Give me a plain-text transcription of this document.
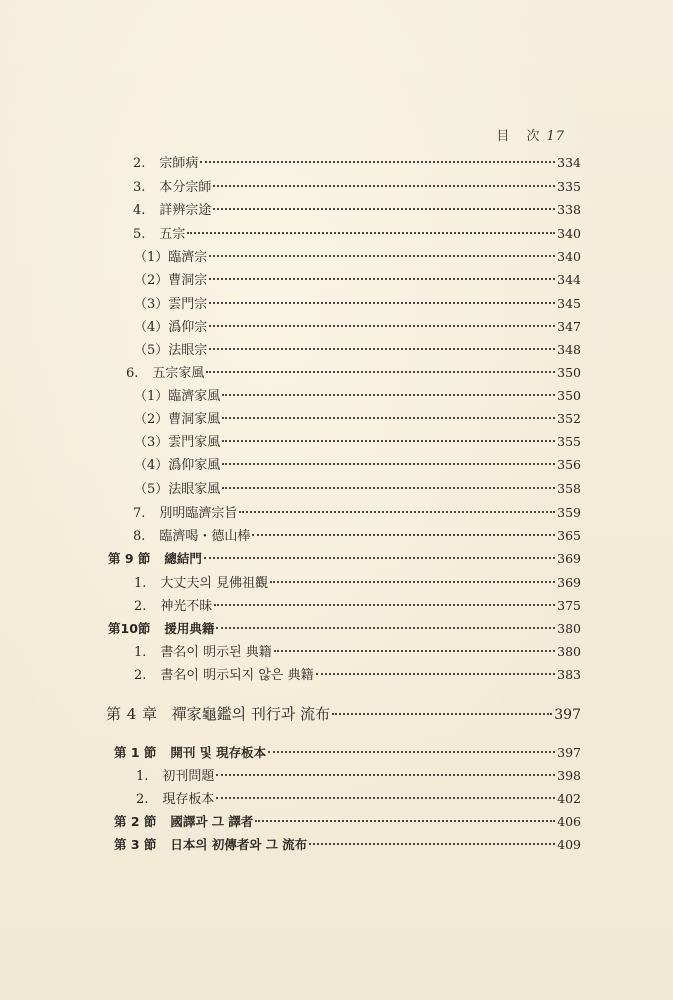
目 次 17
2. 宗師病	334
3. 本分宗師	335
4. 詳辨宗途	338
5. 五宗	340
（1） 臨濟宗	340
（2） 曹洞宗	344
（3） 雲門宗	345
（4） 潙仰宗	347
（5） 法眼宗	348
6. 五宗家風	350
（1） 臨濟家風	350
（2） 曹洞家風	352
（3） 雲門家風	355
（4） 潙仰家風	356
（5） 法眼家風	358
7. 別明臨濟宗旨	359
8. 臨濟喝・德山棒	365
第 9 節 總結門	369
1. 大丈夫의 見佛祖觀	369
2. 神光不昧	375
第10節 援用典籍	380
1. 書名이 明示된 典籍	380
2. 書名이 明示되지 않은 典籍	383
第 4 章 禪家龜鑑의 刊行과 流布	397
第 1 節 開刊 및 現存板本	397
1. 初刊問題	398
2. 現存板本	402
第 2 節 國譯과 그 譯者	406
第 3 節 日本의 初傳者와 그 流布	409
